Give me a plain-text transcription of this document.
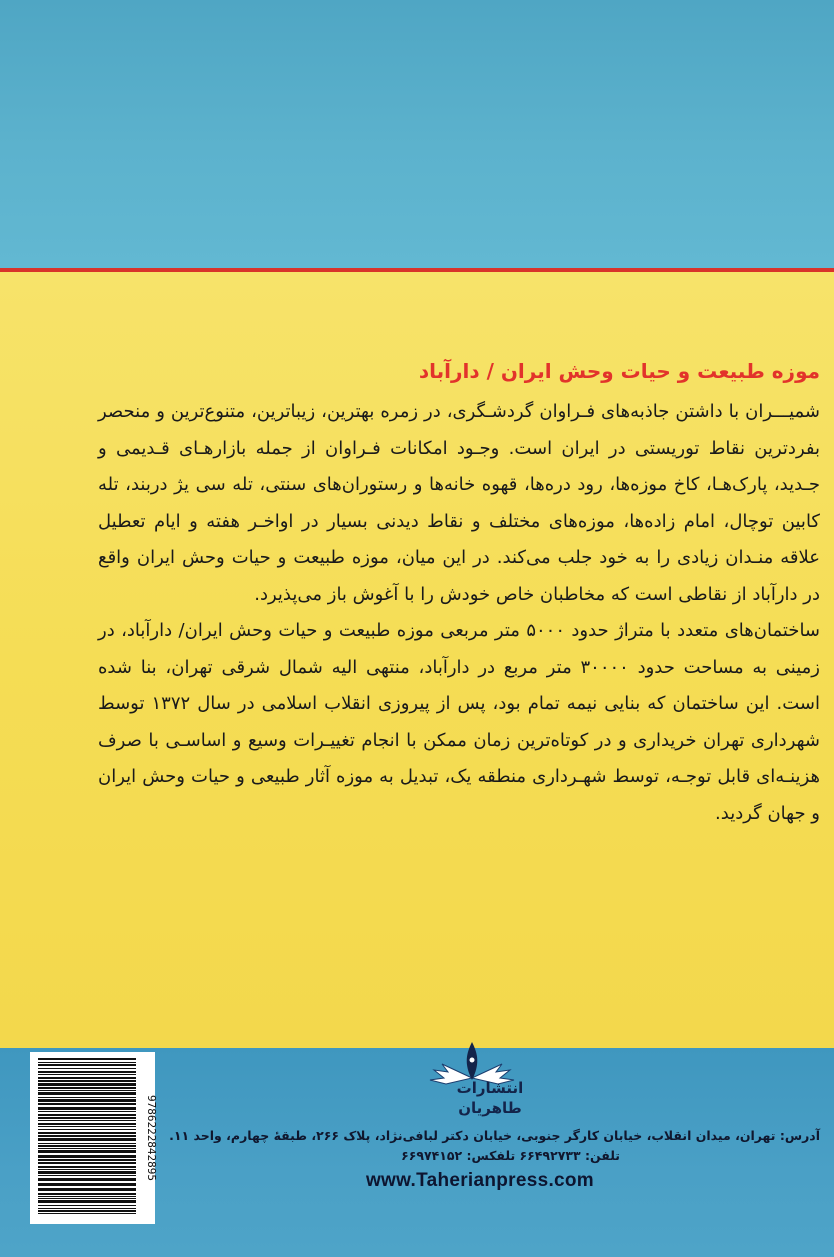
موزه طبیعت و حیات وحش ایران / دارآباد

شمیـــران با داشتن جاذبه‌های فـراوان گردشـگری، در زمره بهترین، زیباترین، متنوع‌ترین و منحصر بفردترین نقاط توریستی در ایران است. وجـود امکانات فـراوان از جمله بازارهـای قـدیمی و جـدید، پارک‌هـا، کاخ موزه‌ها، رود دره‌ها، قهوه خانه‌ها و رستوران‌های سنتی، تله سی یژ دربند، تله کابین توچال، امام زاده‌ها، موزه‌های مختلف و نقاط دیدنی بسیار در اواخـر هفته و ایام تعطیل علاقه منـدان زیادی را به خود جلب می‌کند. در این میان، موزه طبیعت و حیات وحش ایران واقع در دارآباد از نقاطی است که مخاطبان خاص خودش را با آغوش باز می‌پذیرد.

ساختمان‌های متعدد با متراژ حدود ۵۰۰۰ متر مربعی موزه طبیعت و حیات وحش ایران/ دارآباد، در زمینی به مساحت حدود ۳۰۰۰۰ متر مربع در دارآباد، منتهی الیه شمال شرقی تهران، بنا شده است. این ساختمان که بنایی نیمه تمام بود، پس از پیروزی انقلاب اسلامی در سال ۱۳۷۲ توسط شهرداری تهران خریداری و در کوتاه‌ترین زمان ممکن با انجام تغییـرات وسیع و اساسـی با صرف هزینـه‌ای قابل توجـه، توسط شهـرداری منطقه یک، تبدیل به موزه آثار طبیعی و حیات وحش ایران و جهان گردید.

9786222842895
انتشارات
طاهریان
آدرس: تهران، میدان انقلاب، خیابان کارگر جنوبی، خیابان دکتر لبافی‌نژاد، پلاک ۲۶۶، طبقهٔ چهارم، واحد ۱۱.
تلفن: ۶۶۴۹۲۷۳۳ تلفکس: ۶۶۹۷۴۱۵۲
www.Taherianpress.com
